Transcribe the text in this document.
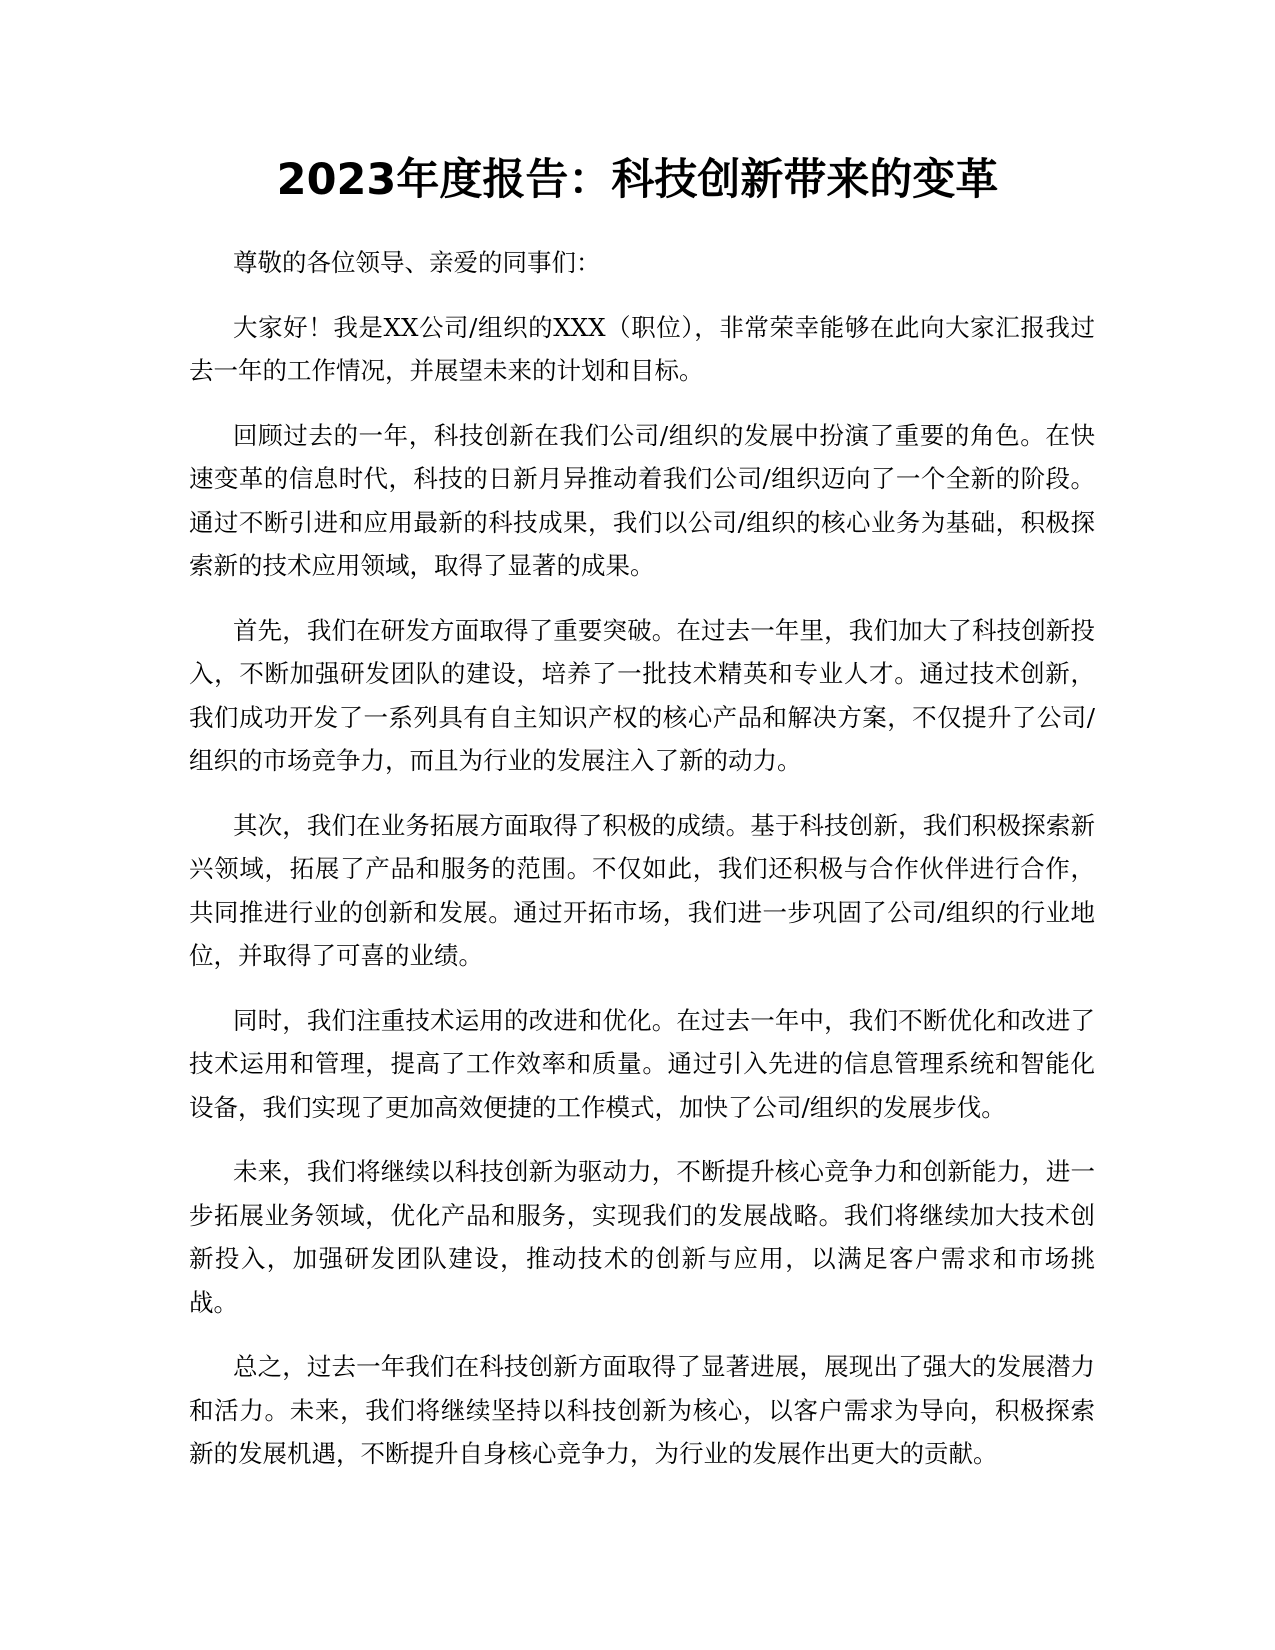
2023年度报告：科技创新带来的变革

尊敬的各位领导、亲爱的同事们：

大家好！我是XX公司/组织的XXX（职位），非常荣幸能够在此向大家汇报我过去一年的工作情况，并展望未来的计划和目标。

回顾过去的一年，科技创新在我们公司/组织的发展中扮演了重要的角色。在快速变革的信息时代，科技的日新月异推动着我们公司/组织迈向了一个全新的阶段。通过不断引进和应用最新的科技成果，我们以公司/组织的核心业务为基础，积极探索新的技术应用领域，取得了显著的成果。

首先，我们在研发方面取得了重要突破。在过去一年里，我们加大了科技创新投入，不断加强研发团队的建设，培养了一批技术精英和专业人才。通过技术创新，我们成功开发了一系列具有自主知识产权的核心产品和解决方案，不仅提升了公司/组织的市场竞争力，而且为行业的发展注入了新的动力。

其次，我们在业务拓展方面取得了积极的成绩。基于科技创新，我们积极探索新兴领域，拓展了产品和服务的范围。不仅如此，我们还积极与合作伙伴进行合作，共同推进行业的创新和发展。通过开拓市场，我们进一步巩固了公司/组织的行业地位，并取得了可喜的业绩。

同时，我们注重技术运用的改进和优化。在过去一年中，我们不断优化和改进了技术运用和管理，提高了工作效率和质量。通过引入先进的信息管理系统和智能化设备，我们实现了更加高效便捷的工作模式，加快了公司/组织的发展步伐。

未来，我们将继续以科技创新为驱动力，不断提升核心竞争力和创新能力，进一步拓展业务领域，优化产品和服务，实现我们的发展战略。我们将继续加大技术创新投入，加强研发团队建设，推动技术的创新与应用，以满足客户需求和市场挑战。

总之，过去一年我们在科技创新方面取得了显著进展，展现出了强大的发展潜力和活力。未来，我们将继续坚持以科技创新为核心，以客户需求为导向，积极探索新的发展机遇，不断提升自身核心竞争力，为行业的发展作出更大的贡献。
